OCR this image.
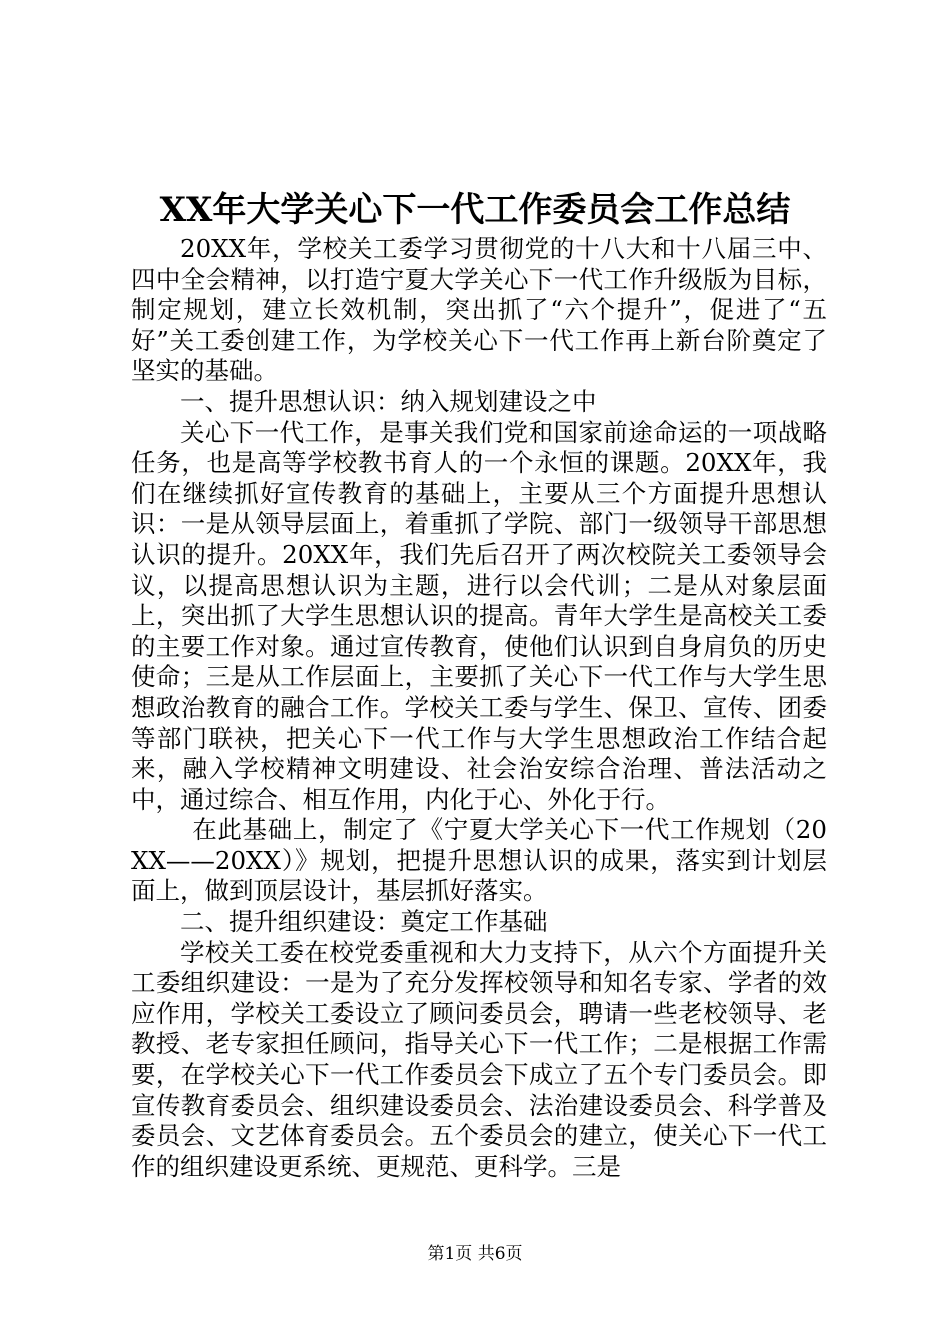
XX年大学关心下一代工作委员会工作总结

20XX年，学校关工委学习贯彻党的十八大和十八届三中、四中全会精神，以打造宁夏大学关心下一代工作升级版为目标，制定规划，建立长效机制，突出抓了“六个提升”，促进了“五好”关工委创建工作，为学校关心下一代工作再上新台阶奠定了坚实的基础。

一、提升思想认识：纳入规划建设之中

关心下一代工作，是事关我们党和国家前途命运的一项战略任务，也是高等学校教书育人的一个永恒的课题。20XX年，我们在继续抓好宣传教育的基础上，主要从三个方面提升思想认识：一是从领导层面上，着重抓了学院、部门一级领导干部思想认识的提升。20XX年，我们先后召开了两次校院关工委领导会议，以提高思想认识为主题，进行以会代训；二是从对象层面上，突出抓了大学生思想认识的提高。青年大学生是高校关工委的主要工作对象。通过宣传教育，使他们认识到自身肩负的历史使命；三是从工作层面上，主要抓了关心下一代工作与大学生思想政治教育的融合工作。学校关工委与学生、保卫、宣传、团委等部门联袂，把关心下一代工作与大学生思想政治工作结合起来，融入学校精神文明建设、社会治安综合治理、普法活动之中，通过综合、相互作用，内化于心、外化于行。

在此基础上，制定了《宁夏大学关心下一代工作规划（20XX——20XX）》规划，把提升思想认识的成果，落实到计划层面上，做到顶层设计，基层抓好落实。

二、提升组织建设：奠定工作基础

学校关工委在校党委重视和大力支持下，从六个方面提升关工委组织建设：一是为了充分发挥校领导和知名专家、学者的效应作用，学校关工委设立了顾问委员会，聘请一些老校领导、老教授、老专家担任顾问，指导关心下一代工作；二是根据工作需要，在学校关心下一代工作委员会下成立了五个专门委员会。即宣传教育委员会、组织建设委员会、法治建设委员会、科学普及委员会、文艺体育委员会。五个委员会的建立，使关心下一代工作的组织建设更系统、更规范、更科学。三是

第1页 共6页
